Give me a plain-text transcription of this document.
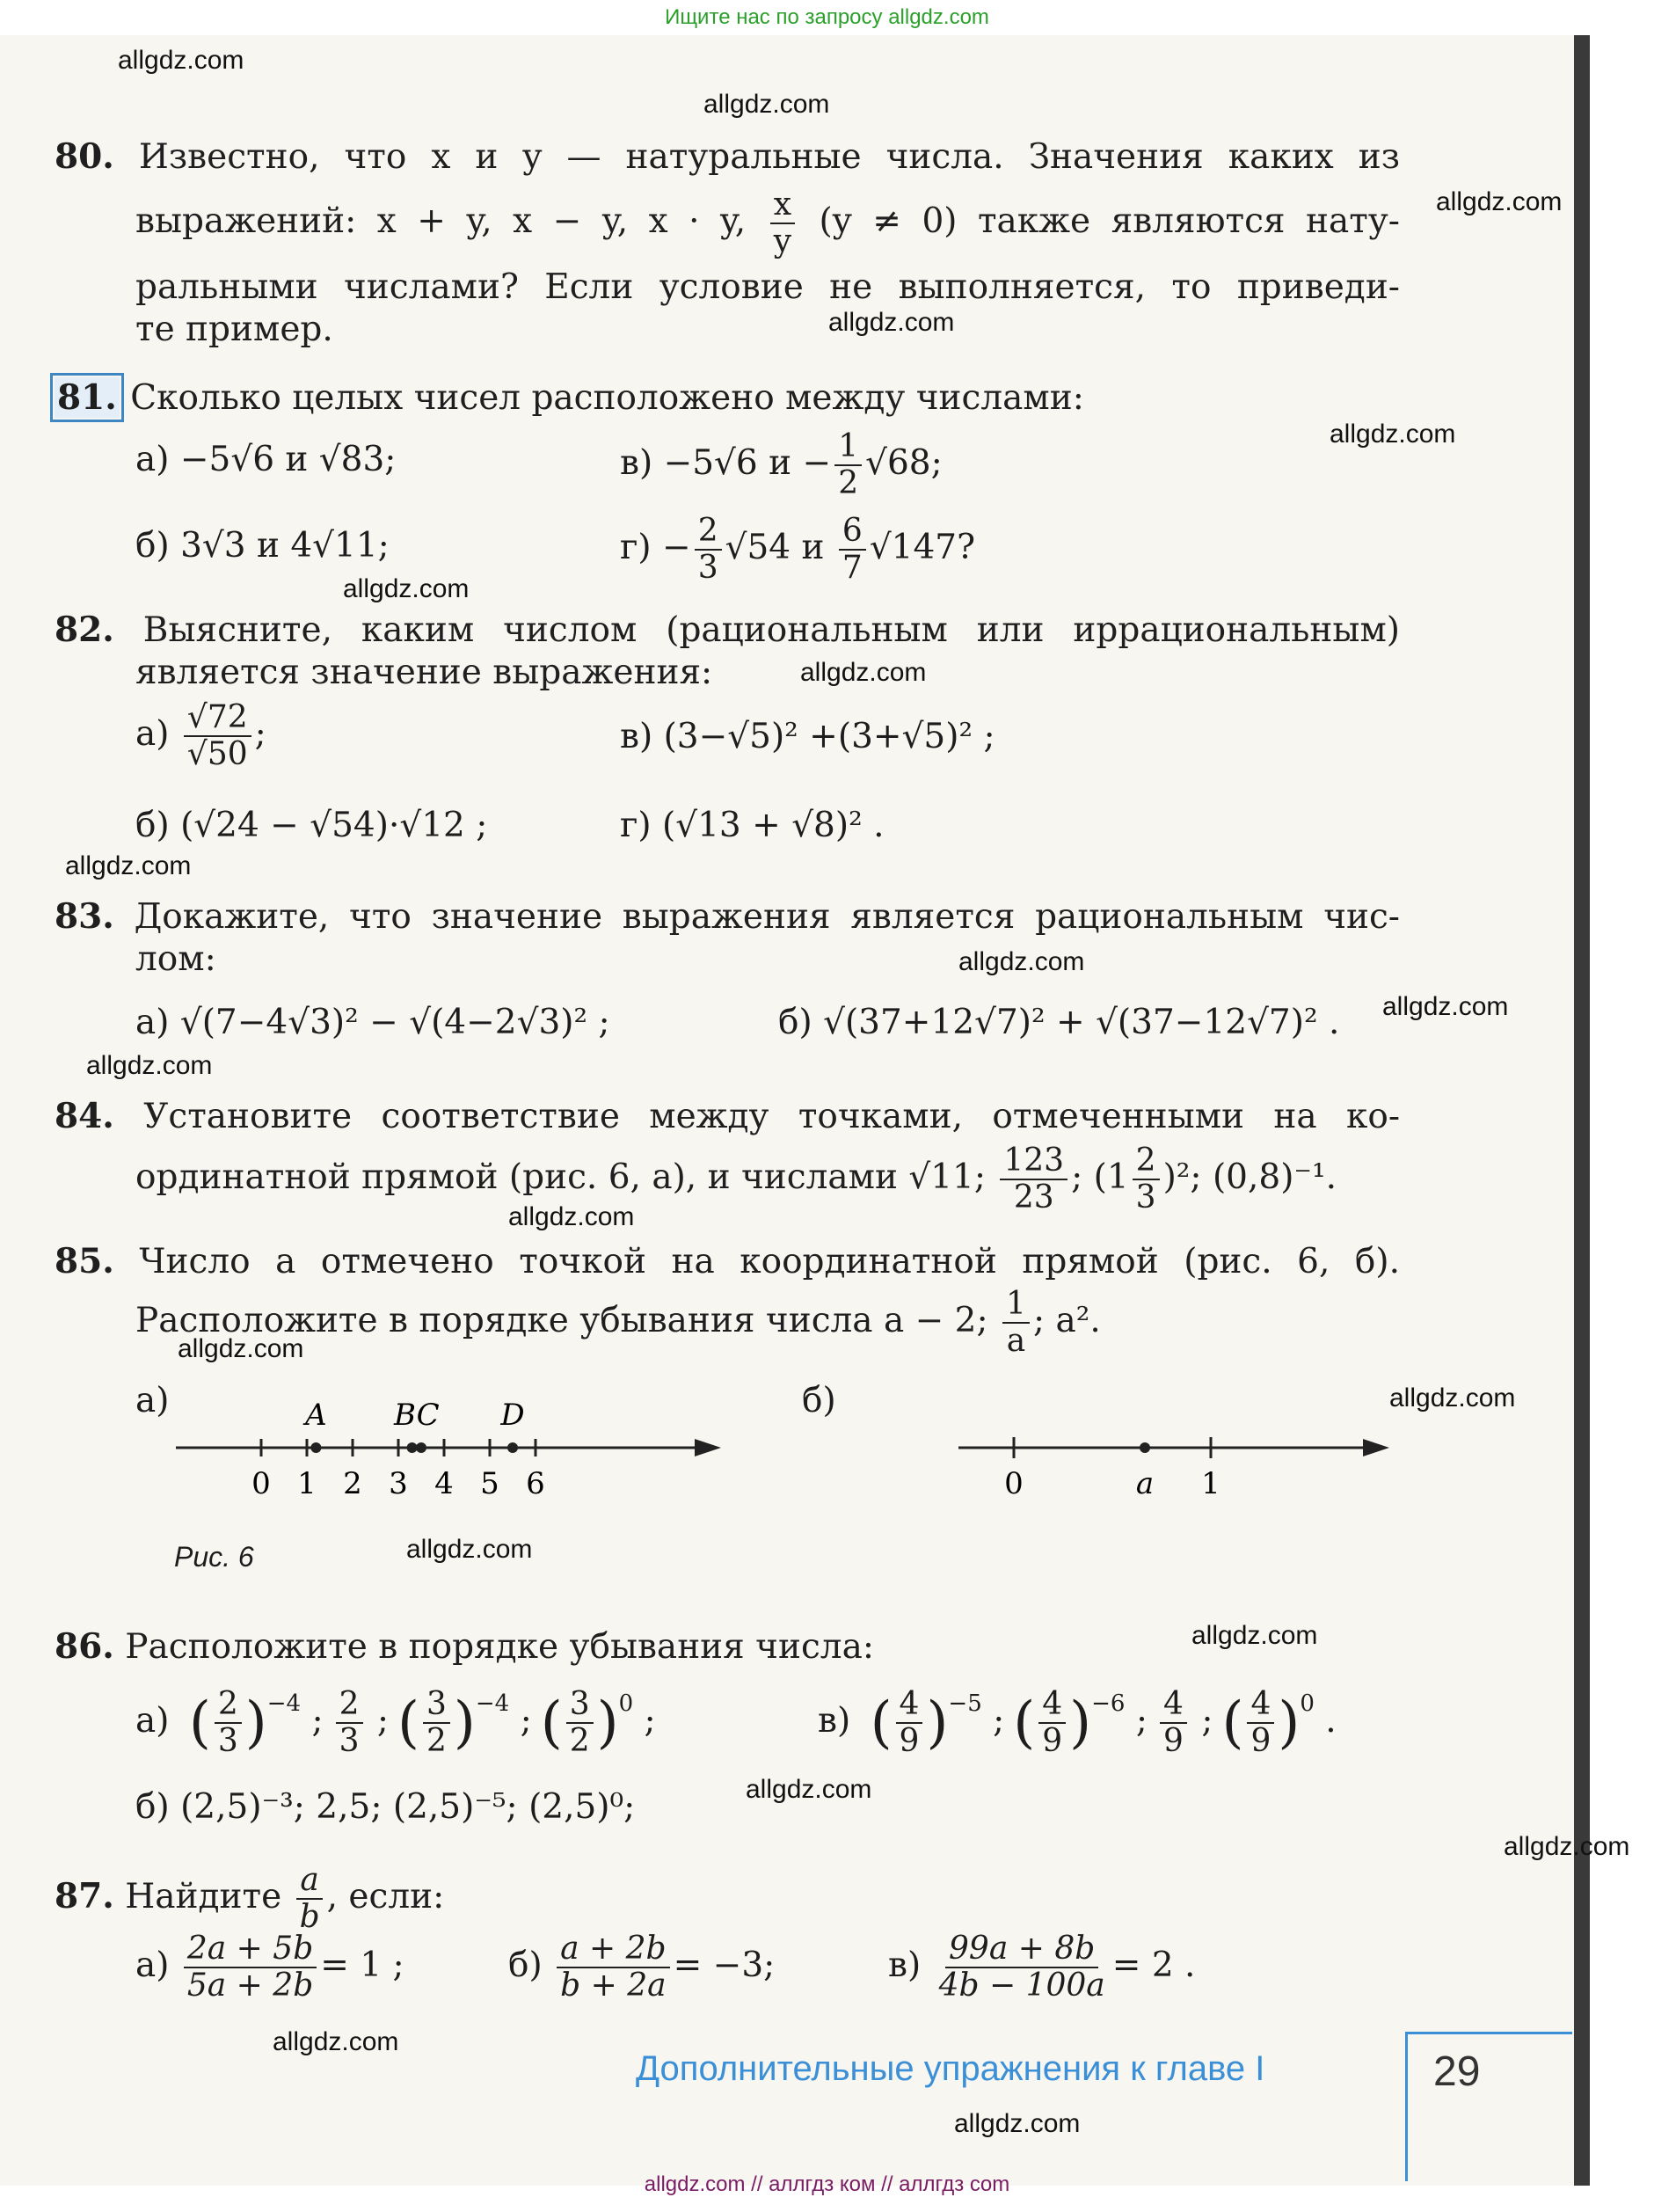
Ищите нас по запросу allgdz.com
allgdz.com // аллгдз ком // аллгдз com
allgdz.com
allgdz.com
allgdz.com
allgdz.com
allgdz.com
allgdz.com
allgdz.com
allgdz.com
allgdz.com
allgdz.com
allgdz.com
allgdz.com
allgdz.com
allgdz.com
allgdz.com
allgdz.com
allgdz.com
allgdz.com
allgdz.com
allgdz.com
80. Известно, что x и y — натуральные числа. Значения каких из
выражений: x + y, x − y, x · y, $\frac{x}{y} (y \ne 0)$ также являются нату-
ральными числами? Если условие не выполняется, то приведи-
те пример.
81. Сколько целых чисел расположено между числами:
а) −5√6 и √83;	в) −5√6 $и - \frac{1}{2} √68$;
б) 3√3 и 4√11;	$г) - \frac{2}{3} √54$ и $\frac{6}{7} √147$?
82. Выясните, каким числом (рациональным или иррациональным)
является значение выражения:
$а) \frac{√72}{√50}$ ;	в) (3−√5)² +(3+√5)² ;
б) (√24 − √54)·√12 ;	г) (√13 + √8)² .
83. Докажите, что значение выражения является рациональным чис-
лом:
а) √(7−4√3)² − √(4−2√3)² ;	б) √(37+12√7)² + √(37−12√7)² .
84. Установите соответствие между точками, отмеченными на ко-
ординатной прямой (рис. 6, а), и числами √11; $\frac{123}{23}$ ; $(1 \frac{2}{3} )^2$; (0,8)⁻¹.
85. Число a отмечено точкой на координатной прямой (рис. 6, б).
Расположите в порядке убывания числа a − 2; $\frac{1}{a}$ ; a².
а)	б)
0 1 2 3 4 5 6
A BC D
0	a 1
Рис. 6
86. Расположите в порядке убывания числа:
а) ( $\frac{2}{3} )^{-4}$ ; $\frac{2}{3}$ ; ( $\frac{3}{2} )^{-4}$ ; ( $\frac{3}{2} )^0$ ;	в) ( $\frac{4}{9} )^{-5}$ ; ( $\frac{4}{9} )^{-6}$ ; $\frac{4}{9}$ ; ( $\frac{4}{9} )^0$ .
б) (2,5)⁻³; 2,5; (2,5)⁻⁵; (2,5)⁰;
87. Найдите $\frac{a}{b}$ , если:
$а) \frac{2a + 5b}{5a + 2b} = 1$ ;	$б) \frac{a + 2b}{b + 2a} = -3$;	$в) \frac{99a + 8b}{4b - 100a} = 2$ .
Дополнительные упражнения к главе I	29
